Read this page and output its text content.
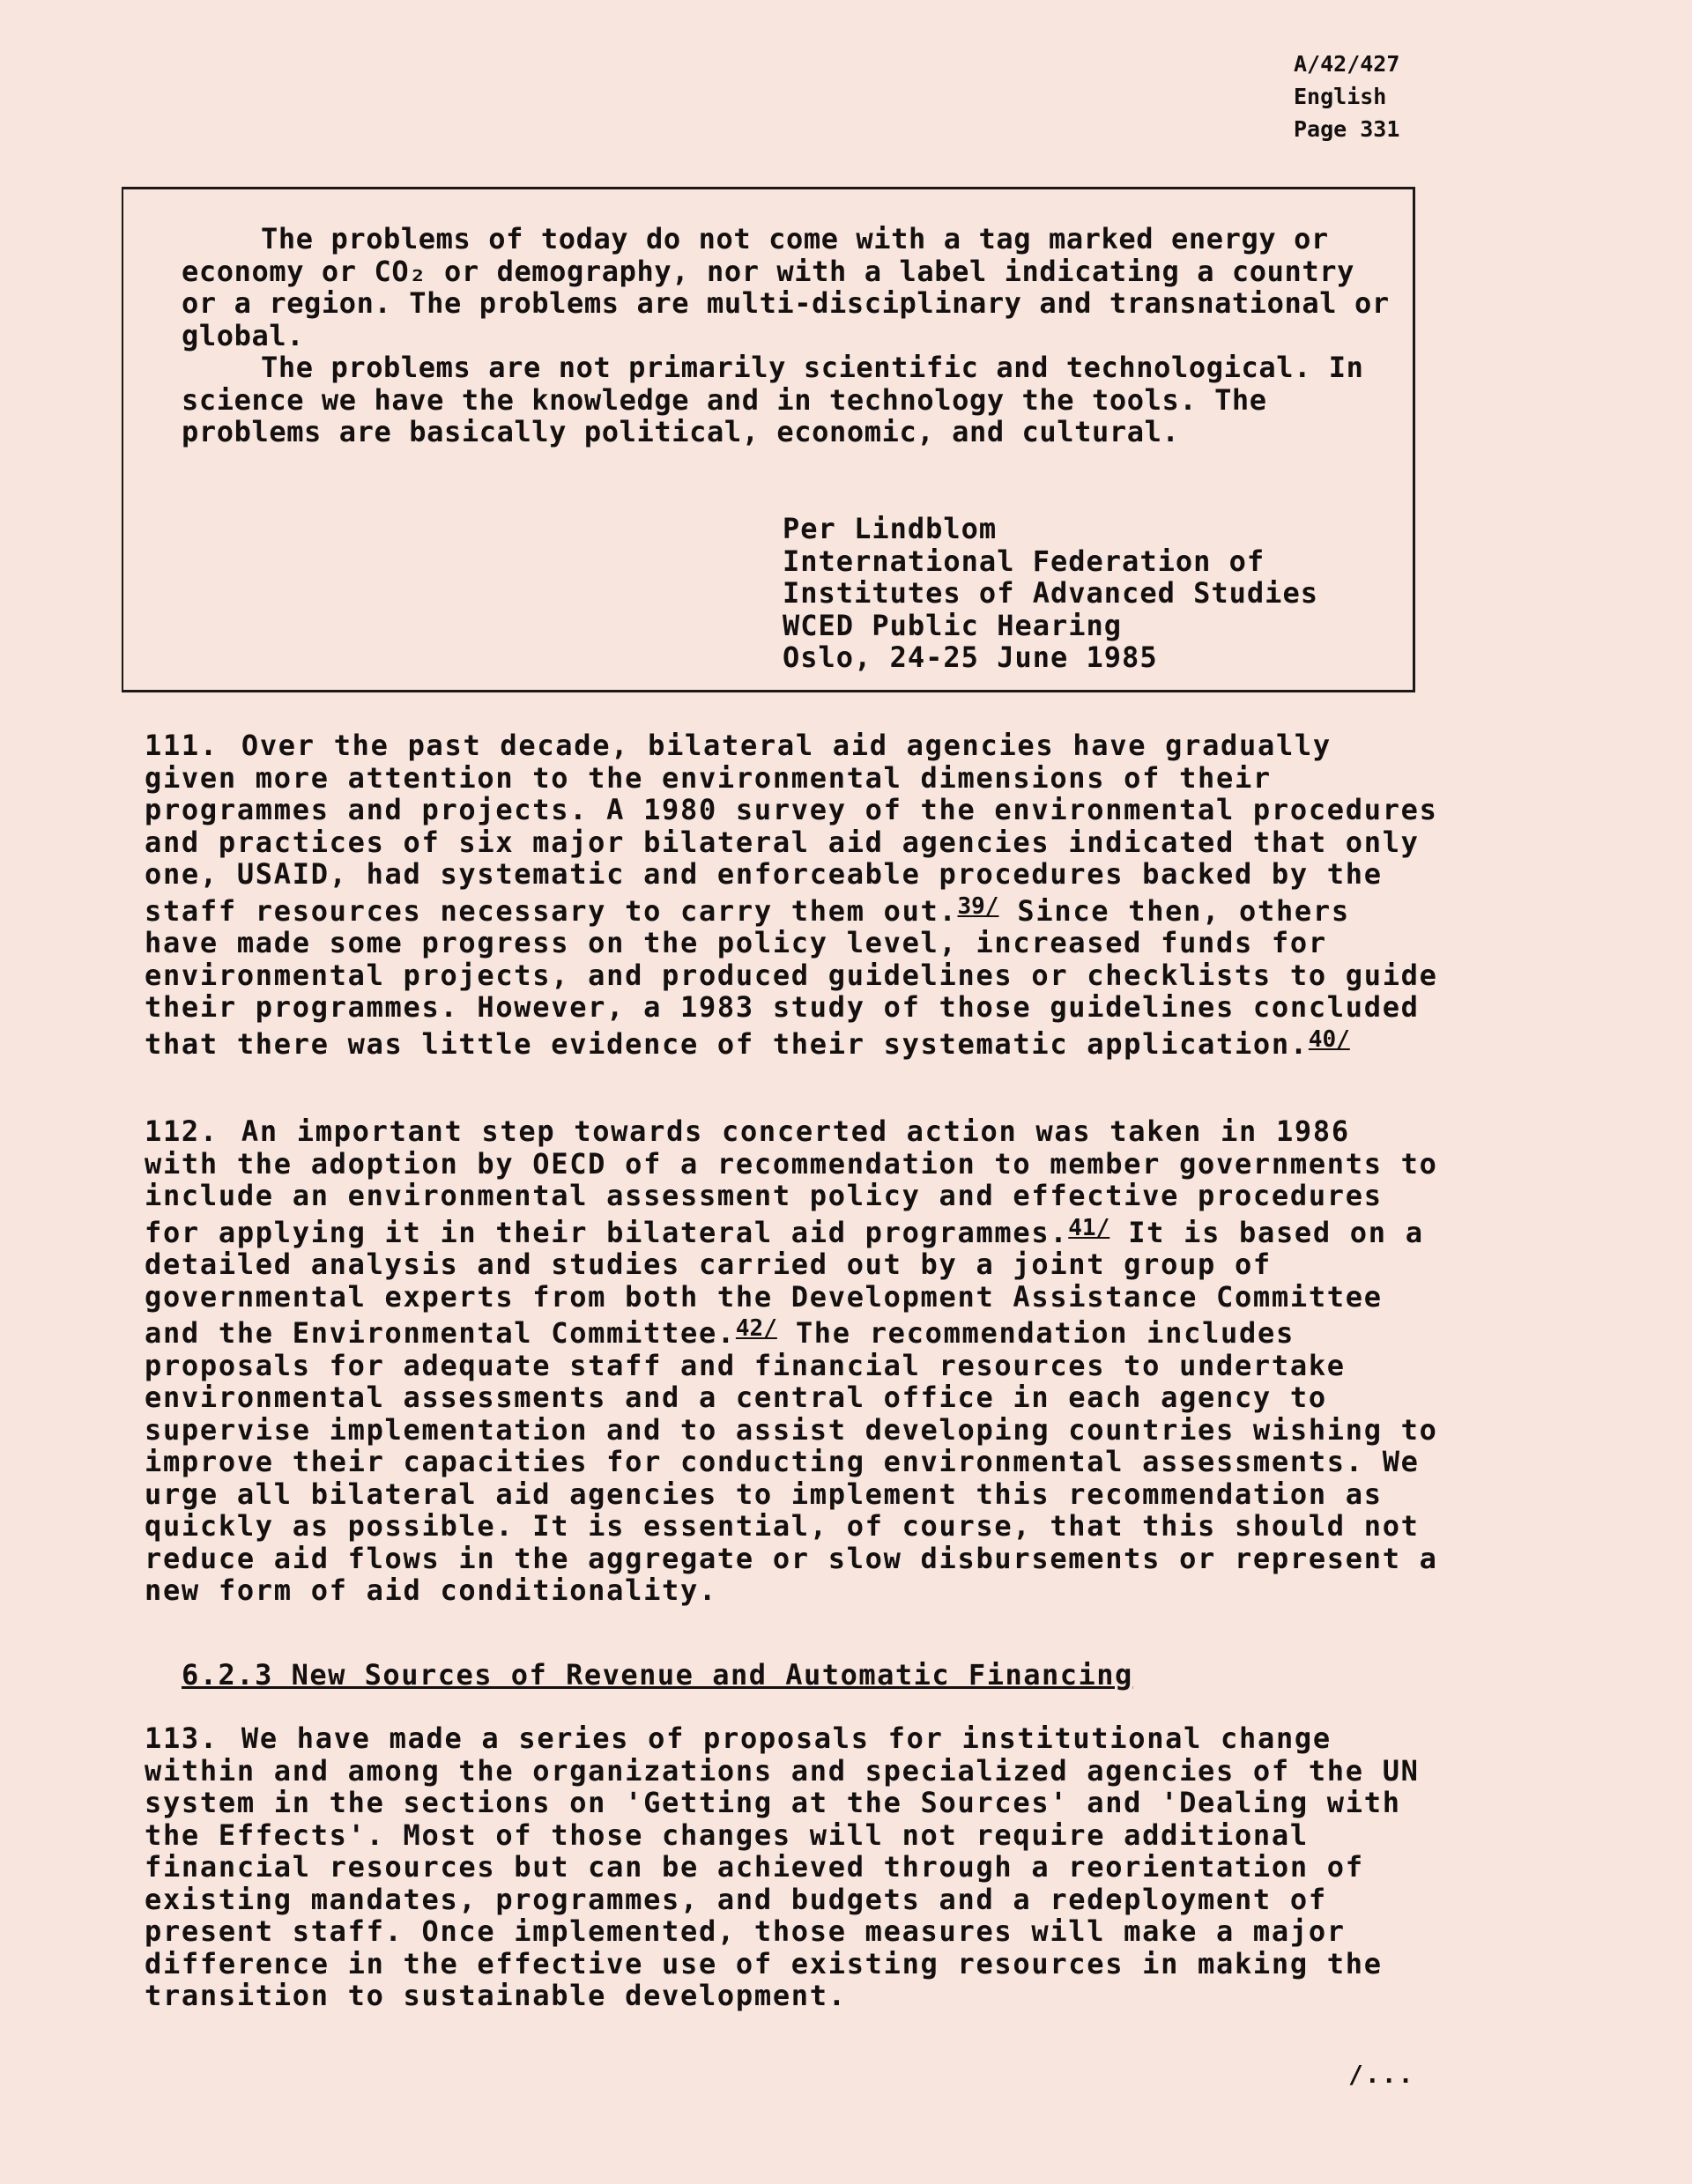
A/42/427
English
Page 331

The problems of today do not come with a tag marked energy or economy or CO₂ or demography, nor with a label indicating a country or a region. The problems are multi-disciplinary and transnational or global.

The problems are not primarily scientific and technological. In science we have the knowledge and in technology the tools. The problems are basically political, economic, and cultural.

Per Lindblom
International Federation of
Institutes of Advanced Studies
WCED Public Hearing
Oslo, 24-25 June 1985

111. Over the past decade, bilateral aid agencies have gradually given more attention to the environmental dimensions of their programmes and projects. A 1980 survey of the environmental procedures and practices of six major bilateral aid agencies indicated that only one, USAID, had systematic and enforceable procedures backed by the staff resources necessary to carry them out.$^{39/}$ Since then, others have made some progress on the policy level, increased funds for environmental projects, and produced guidelines or checklists to guide their programmes. However, a 1983 study of those guidelines concluded that there was little evidence of their systematic application.$^{40/}$

112. An important step towards concerted action was taken in 1986 with the adoption by OECD of a recommendation to member governments to include an environmental assessment policy and effective procedures for applying it in their bilateral aid programmes.$^{41/}$ It is based on a detailed analysis and studies carried out by a joint group of governmental experts from both the Development Assistance Committee and the Environmental Committee.$^{42/}$ The recommendation includes proposals for adequate staff and financial resources to undertake environmental assessments and a central office in each agency to supervise implementation and to assist developing countries wishing to improve their capacities for conducting environmental assessments. We urge all bilateral aid agencies to implement this recommendation as quickly as possible. It is essential, of course, that this should not reduce aid flows in the aggregate or slow disbursements or represent a new form of aid conditionality.

6.2.3 New Sources of Revenue and Automatic Financing

113. We have made a series of proposals for institutional change within and among the organizations and specialized agencies of the UN system in the sections on 'Getting at the Sources' and 'Dealing with the Effects'. Most of those changes will not require additional financial resources but can be achieved through a reorientation of existing mandates, programmes, and budgets and a redeployment of present staff. Once implemented, those measures will make a major difference in the effective use of existing resources in making the transition to sustainable development.

/...
